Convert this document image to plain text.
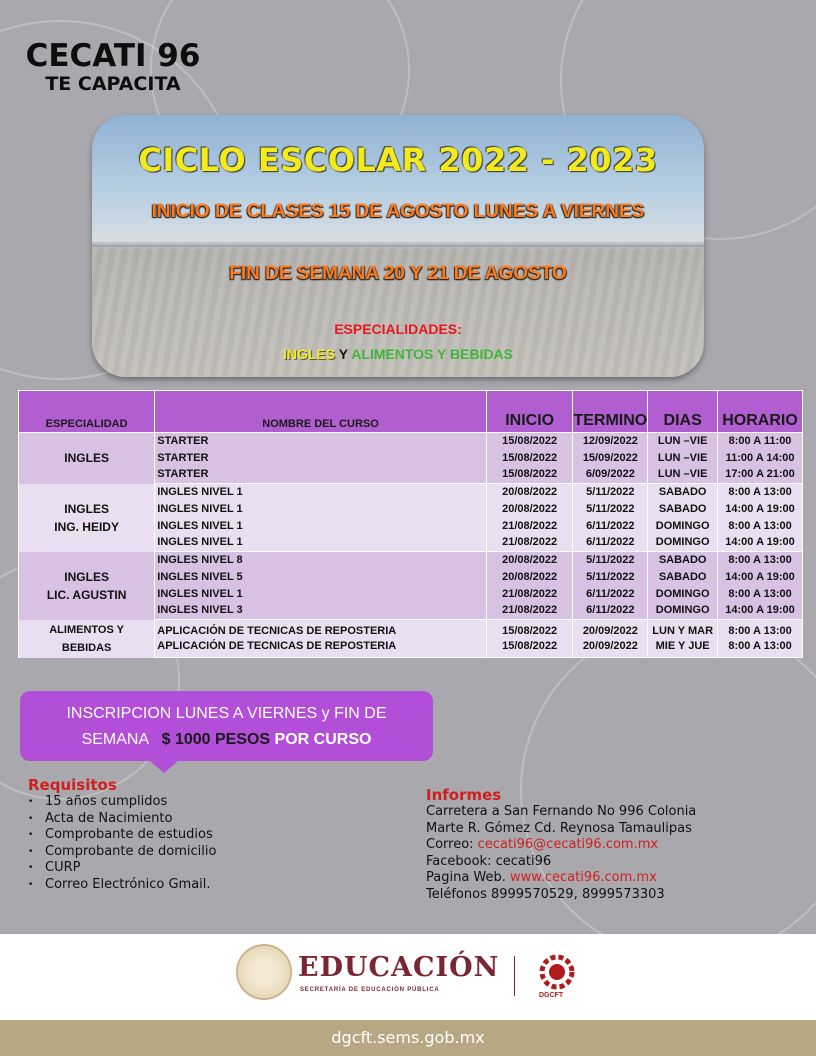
CECATI 96
TE CAPACITA
CICLO ESCOLAR 2022 - 2023
INICIO DE CLASES 15 DE AGOSTO LUNES A VIERNES
FIN DE SEMANA 20 Y 21 DE AGOSTO
ESPECIALIDADES:
INGLES Y ALIMENTOS Y BEBIDAS
ESPECIALIDAD	NOMBRE DEL CURSO	INICIO	TERMINO	DIAS	HORARIO

INGLES	STARTER	15/08/2022	12/09/2022	LUN –VIE	8:00 A 11:00
	STARTER	15/08/2022	15/09/2022	LUN –VIE	11:00 A 14:00
	STARTER	15/08/2022	6/09/2022	LUN –VIE	17:00 A 21:00

INGLES
ING. HEIDY	INGLES NIVEL 1	20/08/2022	5/11/2022	SABADO	8:00 A 13:00
	INGLES NIVEL 1	20/08/2022	5/11/2022	SABADO	14:00 A 19:00
	INGLES NIVEL 1	21/08/2022	6/11/2022	DOMINGO	8:00 A 13:00
	INGLES NIVEL 1	21/08/2022	6/11/2022	DOMINGO	14:00 A 19:00

INGLES
LIC. AGUSTIN	INGLES NIVEL 8	20/08/2022	5/11/2022	SABADO	8:00 A 13:00
	INGLES NIVEL 5	20/08/2022	5/11/2022	SABADO	14:00 A 19:00
	INGLES NIVEL 1	21/08/2022	6/11/2022	DOMINGO	8:00 A 13:00
	INGLES NIVEL 3	21/08/2022	6/11/2022	DOMINGO	14:00 A 19:00

ALIMENTOS Y
BEBIDAS	APLICACIÓN DE TECNICAS DE REPOSTERIA	15/08/2022	20/09/2022	LUN Y MAR	8:00 A 13:00
	APLICACIÓN DE TECNICAS DE REPOSTERIA	15/08/2022	20/09/2022	MIE Y JUE	8:00 A 13:00
INSCRIPCION LUNES A VIERNES y FIN DE
SEMANA $ 1000 PESOS POR CURSO
Requisitos
• 15 años cumplidos
• Acta de Nacimiento
• Comprobante de estudios
• Comprobante de domicilio
• CURP
• Correo Electrónico Gmail.
Informes

Carretera a San Fernando No 996 Colonia

Marte R. Gómez Cd. Reynosa Tamaulipas

Correo: cecati96@cecati96.com.mx

Facebook: cecati96

Pagina Web. www.cecati96.com.mx

Teléfonos 8999570529, 8999573303

EDUCACIÓN
SECRETARÍA DE EDUCACIÓN PÚBLICA
DGCFT
dgcft.sems.gob.mx
